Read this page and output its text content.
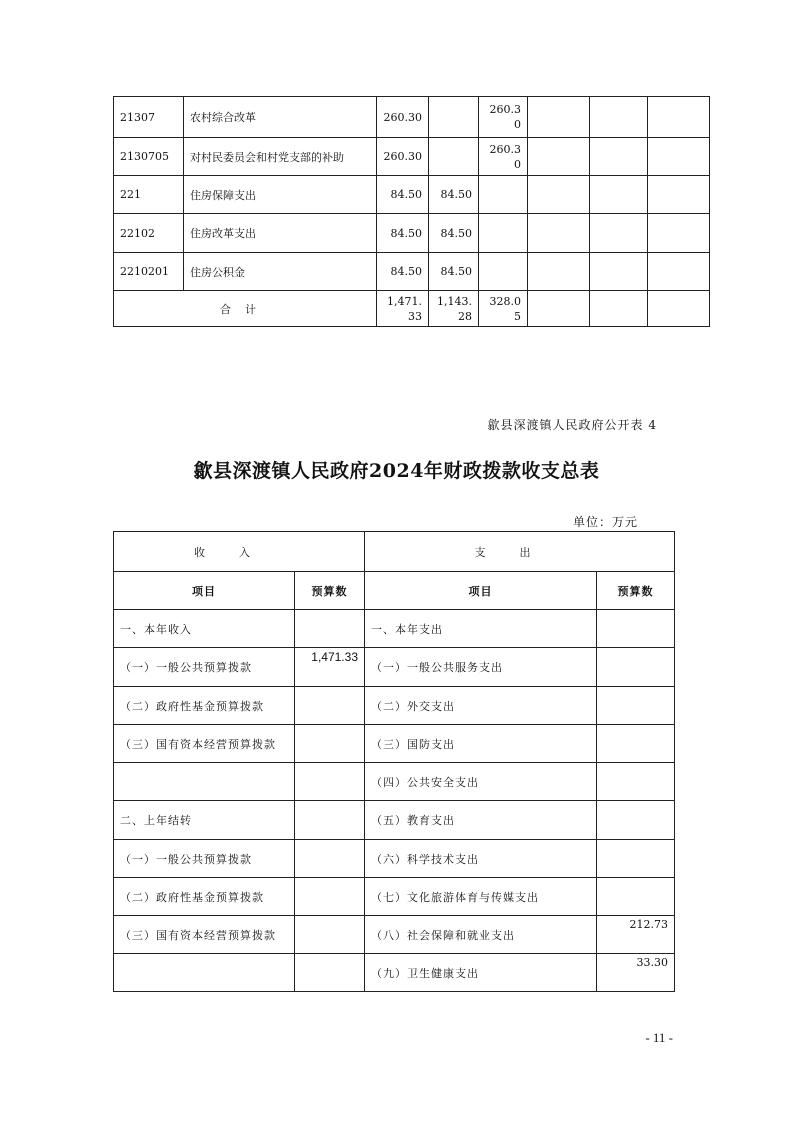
21307	农村综合改革	260.30		260.30			
2130705	对村民委员会和村党支部的补助	260.30		260.30			
221	住房保障支出	84.50	84.50				
22102	住房改革支出	84.50	84.50				
2210201	住房公积金	84.50	84.50				
合计		1,471.33	1,143.28	328.05			
歙县深渡镇人民政府公开表 4
歙县深渡镇人民政府2024年财政拨款收支总表
单位：万元
收入		支出	
项目	预算数	项目	预算数
一、本年收入		一、本年支出	
（一）一般公共预算拨款	1,471.33	（一）一般公共服务支出	
（二）政府性基金预算拨款		（二）外交支出	
（三）国有资本经营预算拨款		（三）国防支出	
		（四）公共安全支出	
二、上年结转		（五）教育支出	
（一）一般公共预算拨款		（六）科学技术支出	
（二）政府性基金预算拨款		（七）文化旅游体育与传媒支出	
（三）国有资本经营预算拨款		（八）社会保障和就业支出	212.73
		（九）卫生健康支出	33.30
- 11 -
